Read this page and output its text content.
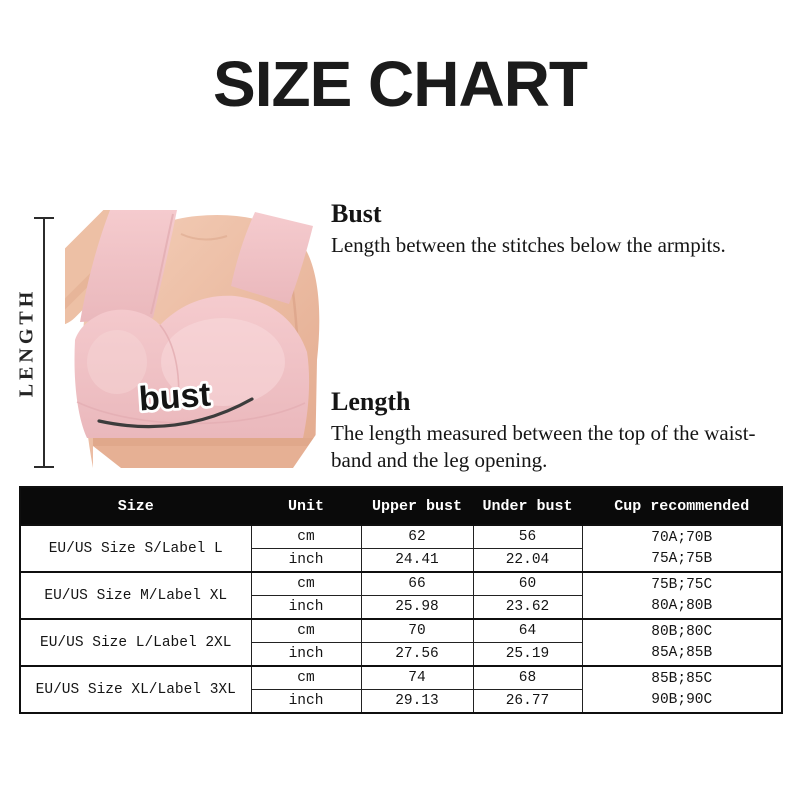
SIZE CHART
LENGTH	bust
Bust
Length between the stitches below the armpits.
Length
The length measured between the top of the waist-
band and the leg opening.
Size	Unit	Upper bust	Under bust	Cup recommended
EU/US Size S/Label L	cm	62	56	70A;70B
75A;75B

	inch	24.41	22.04	
EU/US Size M/Label XL	cm	66	60	75B;75C
80A;80B

	inch	25.98	23.62	
EU/US Size L/Label 2XL	cm	70	64	80B;80C
85A;85B

	inch	27.56	25.19	
EU/US Size XL/Label 3XL	cm	74	68	85B;85C
90B;90C

	inch	29.13	26.77	
